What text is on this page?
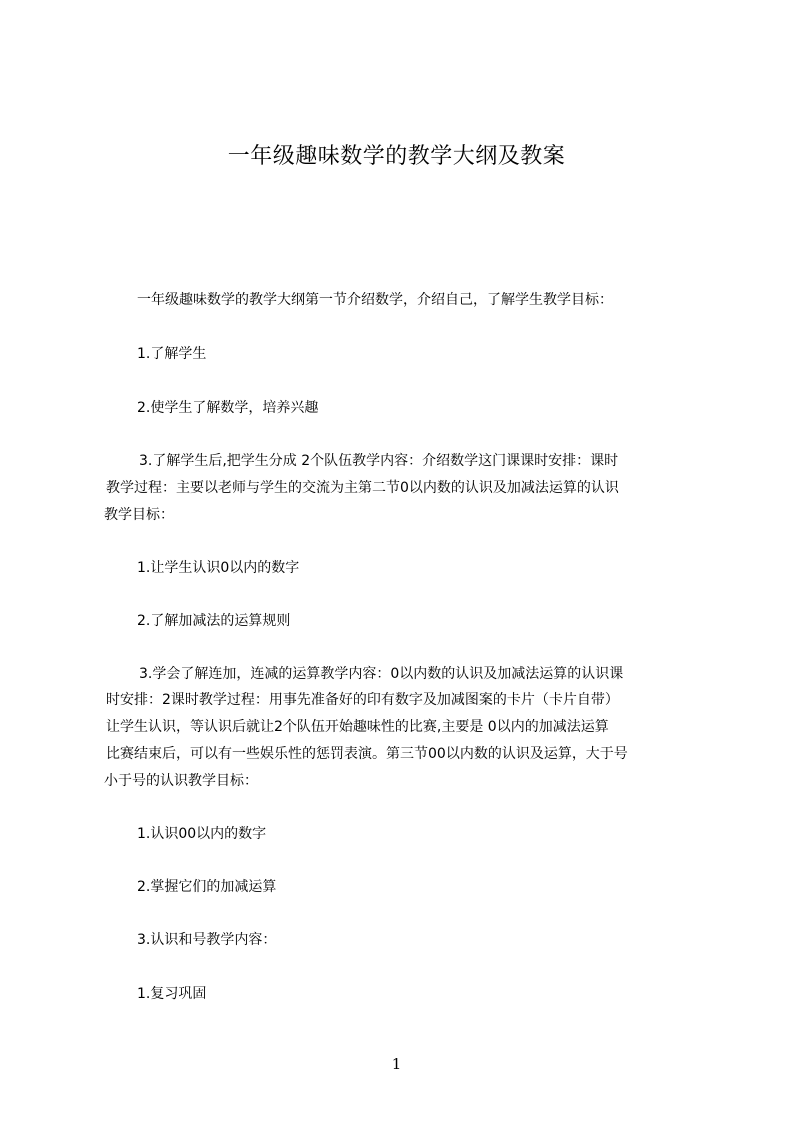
一年级趣味数学的教学大纲及教案
一年级趣味数学的教学大纲第一节介绍数学，介绍自己，了解学生教学目标：
1.了解学生
2.使学生了解数学，培养兴趣
3.了解学生后,把学生分成 2个队伍教学内容：介绍数学这门课课时安排：课时
教学过程：主要以老师与学生的交流为主第二节0以内数的认识及加减法运算的认识
教学目标：
1.让学生认识0以内的数字
2.了解加减法的运算规则
3.学会了解连加，连减的运算教学内容：0以内数的认识及加减法运算的认识课
时安排：2课时教学过程：用事先准备好的印有数字及加减图案的卡片（卡片自带）
让学生认识，等认识后就让2个队伍开始趣味性的比赛,主要是 0以内的加减法运算
比赛结束后，可以有一些娱乐性的惩罚表演。第三节00以内数的认识及运算，大于号
小于号的认识教学目标：
1.认识00以内的数字
2.掌握它们的加减运算
3.认识和号教学内容：
1.复习巩固
1
